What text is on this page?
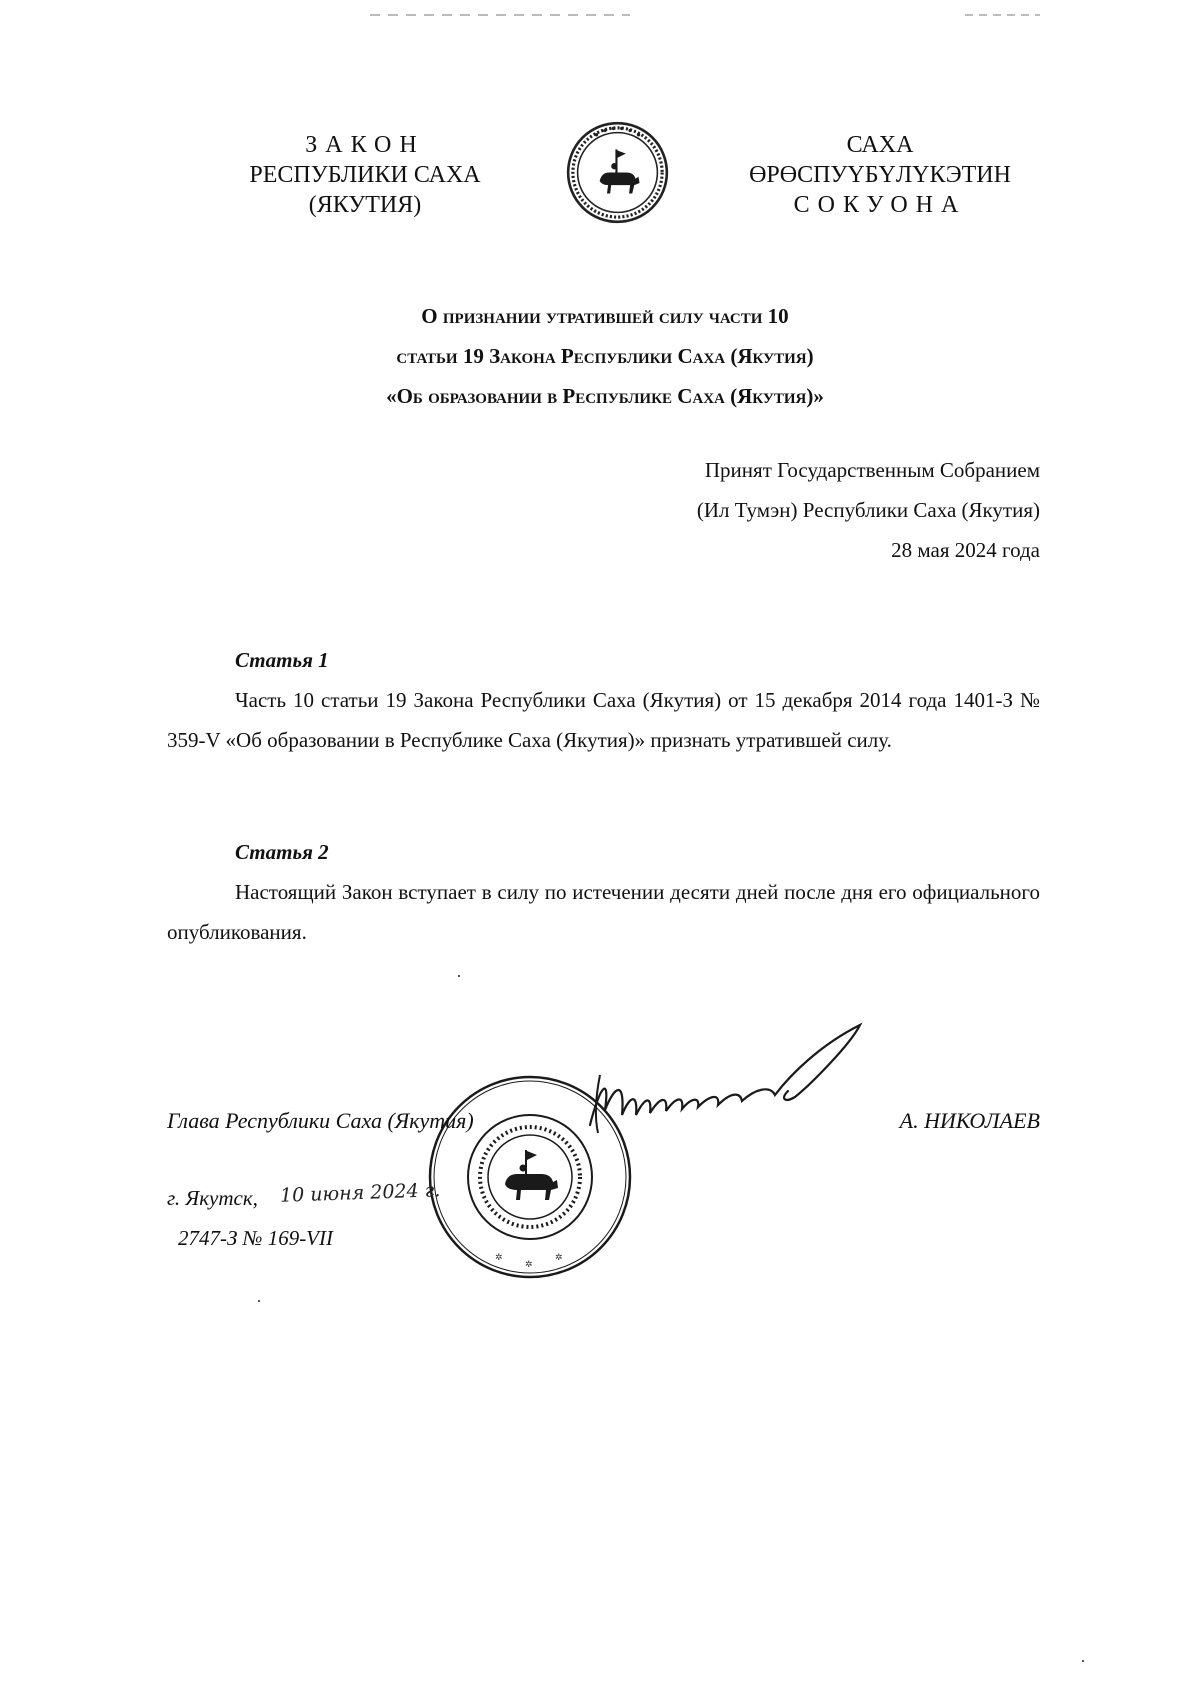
ЗАКОН
РЕСПУБЛИКИ САХА (ЯКУТИЯ)
САХА ӨРӨСПУҮБҮЛҮКЭТИН
СОКУОНА
О признании утратившей силу части 10
статьи 19 Закона Республики Саха (Якутия)
«Об образовании в Республике Саха (Якутия)»
Принят Государственным Собранием
(Ил Тумэн) Республики Саха (Якутия)
28 мая 2024 года
Статья 1
Часть 10 статьи 19 Закона Республики Саха (Якутия) от 15 декабря 2014 года 1401-З № 359-V «Об образовании в Республике Саха (Якутия)» признать утратившей силу.
Статья 2
Настоящий Закон вступает в силу по истечении десяти дней после дня его официального опубликования.
✲
✲
✲
Глава Республики Саха (Якутия)	А. НИКОЛАЕВ
г. Якутск, 10 июня 2024 г.
2747-З № 169-VII
